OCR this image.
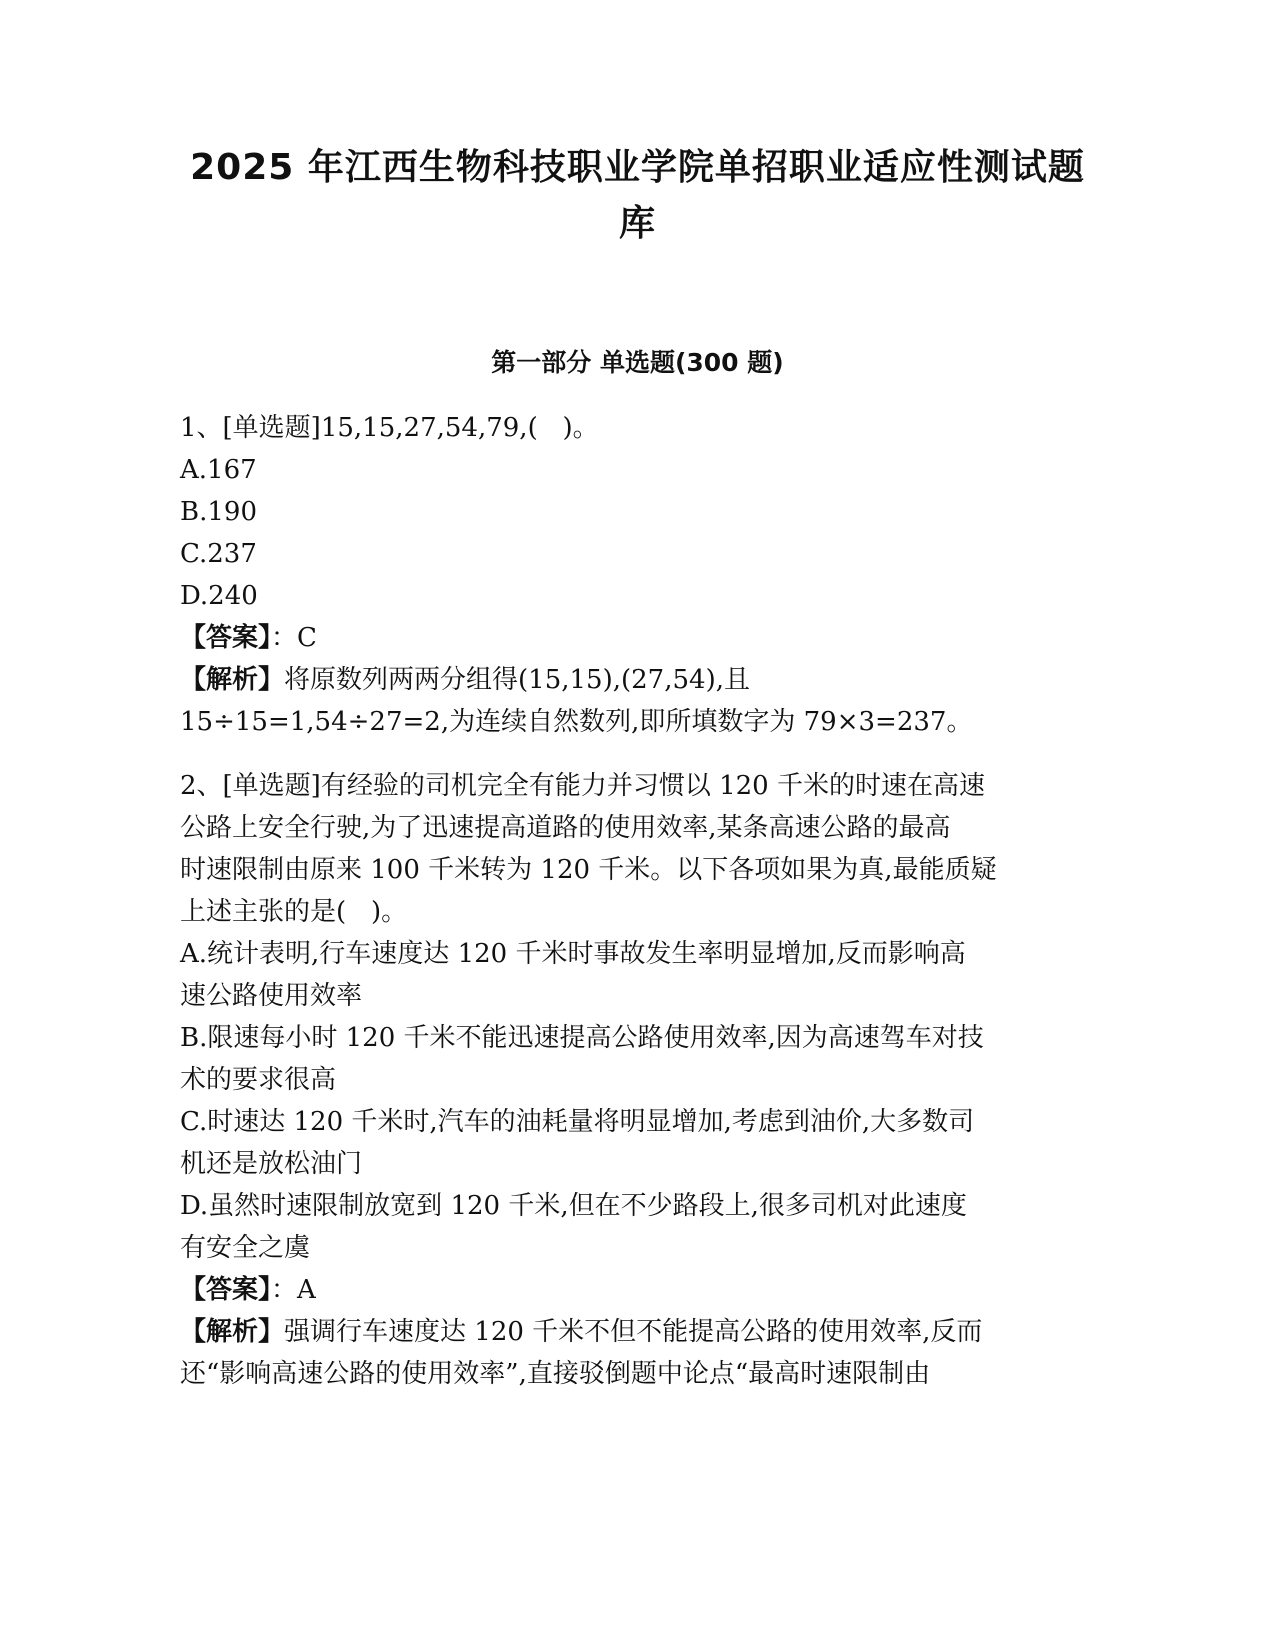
2025 年江西生物科技职业学院单招职业适应性测试题
库
第一部分 单选题(300 题)

1、[单选题]15,15,27,54,79,(   )。

A.167

B.190

C.237

D.240

【答案】：C

【解析】将原数列两两分组得(15,15),(27,54),且

15÷15=1,54÷27=2,为连续自然数列,即所填数字为 79×3=237。

2、[单选题]有经验的司机完全有能力并习惯以 120 千米的时速在高速

公路上安全行驶,为了迅速提高道路的使用效率,某条高速公路的最高

时速限制由原来 100 千米转为 120 千米。以下各项如果为真,最能质疑

上述主张的是(   )。

A.统计表明,行车速度达 120 千米时事故发生率明显增加,反而影响高

速公路使用效率

B.限速每小时 120 千米不能迅速提高公路使用效率,因为高速驾车对技

术的要求很高

C.时速达 120 千米时,汽车的油耗量将明显增加,考虑到油价,大多数司

机还是放松油门

D.虽然时速限制放宽到 120 千米,但在不少路段上,很多司机对此速度

有安全之虞

【答案】：A

【解析】强调行车速度达 120 千米不但不能提高公路的使用效率,反而

还“影响高速公路的使用效率”,直接驳倒题中论点“最高时速限制由
